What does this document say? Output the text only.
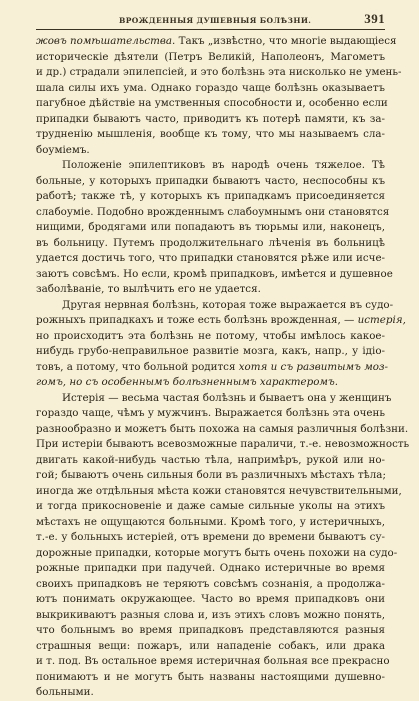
ВРОЖДЕННЫЯ ДУШЕВНЫЯ БОЛѢЗНИ.	391

жовъ помѣшательства. Такъ „извѣстно, что многіе выдающіеся
историческіе дѣятели (Петръ Великій, Наполеонъ, Магометъ
и др.) страдали эпилепсіей, и это болѣзнь эта нисколько не умень-
шала силы ихъ ума. Однако гораздо чаще болѣзнь оказываетъ
пагубное дѣйствіе на умственныя способности и, особенно если
припадки бываютъ часто, приводитъ къ потерѣ памяти, къ за-
трудненію мышленія, вообще къ тому, что мы называемъ сла-
боуміемъ.

Положеніе эпилептиковъ въ народѣ очень тяжелое. Тѣ
больные, у которыхъ припадки бываютъ часто, неспособны къ
работѣ; также тѣ, у которыхъ къ припадкамъ присоединяется
слабоуміе. Подобно врожденнымъ слабоумнымъ они становятся
нищими, бродягами или попадаютъ въ тюрьмы или, наконецъ,
въ больницу. Путемъ продолжительнаго лѣченія въ больницѣ
удается достичь того, что припадки становятся рѣже или исче-
заютъ совсѣмъ. Но если, кромѣ припадковъ, имѣется и душевное
заболѣваніе, то вылѣчить его не удается.

Другая нервная болѣзнь, которая тоже выражается въ судо-
рожныхъ припадкахъ и тоже есть болѣзнь врожденная, — истерія,
но происходитъ эта болѣзнь не потому, чтобы имѣлось какое-
нибудь грубо-неправильное развитіе мозга, какъ, напр., у ідіо-
товъ, а потому, что больной родится хотя и съ развитымъ моз-
гомъ, но съ особеннымъ болѣзненнымъ характеромъ.

Истерія — весьма частая болѣзнь и бываетъ она у женщинъ
гораздо чаще, чѣмъ у мужчинъ. Выражается болѣзнь эта очень
разнообразно и можетъ быть похожа на самыя различныя болѣзни.
При истеріи бываютъ всевозможные параличи, т.-е. невозможность
двигать какой-нибудь частью тѣла, напримѣръ, рукой или но-
гой; бываютъ очень сильныя боли въ различныхъ мѣстахъ тѣла;
иногда же отдѣльныя мѣста кожи становятся нечувствительными,
и тогда прикосновеніе и даже самые сильные уколы на этихъ
мѣстахъ не ощущаются больными. Кромѣ того, у истеричныхъ,
т.-е. у больныхъ истеріей, отъ времени до времени бываютъ су-
дорожные припадки, которые могутъ быть очень похожи на судо-
рожные припадки при падучей. Однако истеричные во время
своихъ припадковъ не теряютъ совсѣмъ сознанія, а продолжа-
ютъ понимать окружающее. Часто во время припадковъ они
выкрикиваютъ разныя слова и, изъ этихъ словъ можно понять,
что больнымъ во время припадковъ представляются разныя
страшныя вещи: пожаръ, или нападеніе собакъ, или драка
и т. под. Въ остальное время истеричная больная все прекрасно
понимаютъ и не могутъ быть названы настоящими душевно-
больными.
